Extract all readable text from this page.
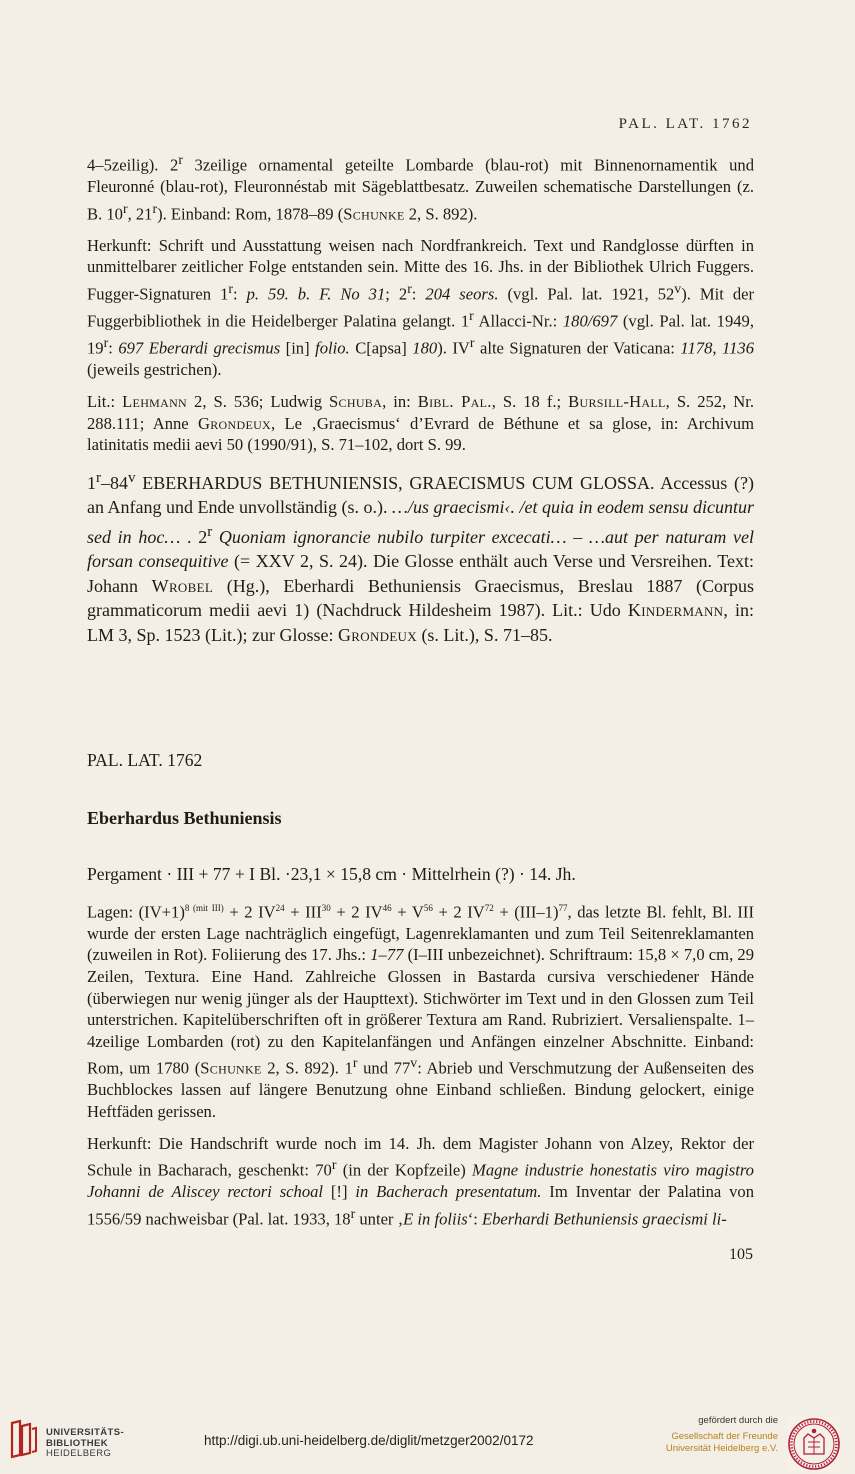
PAL. LAT. 1762

4–5zeilig). 2$^r$ 3zeilige ornamental geteilte Lombarde (blau-rot) mit Binnenornamentik und Fleuronné (blau-rot), Fleuronnéstab mit Sägeblattbesatz. Zuweilen schematische Darstellungen (z. B. 10$^r$, 21$^r$). Einband: Rom, 1878–89 (Schunke 2, S. 892).

Herkunft: Schrift und Ausstattung weisen nach Nordfrankreich. Text und Randglosse dürften in unmittelbarer zeitlicher Folge entstanden sein. Mitte des 16. Jhs. in der Bibliothek Ulrich Fuggers. Fugger-Signaturen 1$^r$: p. 59. b. F. No 31; 2$^r$: 204 seors. (vgl. Pal. lat. 1921, 52$^v$). Mit der Fuggerbibliothek in die Heidelberger Palatina gelangt. 1$^r$ Allacci-Nr.: 180/697 (vgl. Pal. lat. 1949, 19$^r$: 697 Eberardi grecismus [in] folio. C[apsa] 180). $IV^r$ alte Signaturen der Vaticana: 1178, 1136 (jeweils gestrichen).

Lit.: Lehmann 2, S. 536; Ludwig Schuba, in: Bibl. Pal., S. 18 f.; Bursill-Hall, S. 252, Nr. 288.111; Anne Grondeux, Le ‚Graecismus‘ d’Evrard de Béthune et sa glose, in: Archivum latinitatis medii aevi 50 (1990/91), S. 71–102, dort S. 99.

1$^r$–84$^v$ EBERHARDUS BETHUNIENSIS, GRAECISMUS CUM GLOSSA. Accessus (?) an Anfang und Ende unvollständig (s. o.). …/us graecismi‹. /et quia in eodem sensu dicuntur sed in hoc… . 2$^r$ Quoniam ignorancie nubilo turpiter excecati… – …aut per naturam vel forsan consequitive (= XXV 2, S. 24). Die Glosse enthält auch Verse und Versreihen. Text: Johann Wrobel (Hg.), Eberhardi Bethuniensis Graecismus, Breslau 1887 (Corpus grammaticorum medii aevi 1) (Nachdruck Hildesheim 1987). Lit.: Udo Kindermann, in: LM 3, Sp. 1523 (Lit.); zur Glosse: Grondeux (s. Lit.), S. 71–85.

PAL. LAT. 1762
Eberhardus Bethuniensis

Pergament · III + 77 + I Bl. ·23,1 × 15,8 cm · Mittelrhein (?) · 14. Jh.

Lagen: $(IV+1)^{8 (mit III)} + 2$ $IV^{24} + III^{30} + 2$ $IV^{46} + V^{56} + 2$ $IV^{72} + (III-1)^{77}$, das letzte Bl. fehlt, Bl. III wurde der ersten Lage nachträglich eingefügt, Lagenreklamanten und zum Teil Seitenreklamanten (zuweilen in Rot). Foliierung des 17. Jhs.: 1–77 (I–III unbezeichnet). Schriftraum: 15,8 × 7,0 cm, 29 Zeilen, Textura. Eine Hand. Zahlreiche Glossen in Bastarda cursiva verschiedener Hände (überwiegen nur wenig jünger als der Haupttext). Stichwörter im Text und in den Glossen zum Teil unterstrichen. Kapitelüberschriften oft in größerer Textura am Rand. Rubriziert. Versalienspalte. 1–4zeilige Lombarden (rot) zu den Kapitelanfängen und Anfängen einzelner Abschnitte. Einband: Rom, um 1780 (Schunke 2, S. 892). 1$^r$ und 77$^v$: Abrieb und Verschmutzung der Außenseiten des Buchblockes lassen auf längere Benutzung ohne Einband schließen. Bindung gelockert, einige Heftfäden gerissen.

Herkunft: Die Handschrift wurde noch im 14. Jh. dem Magister Johann von Alzey, Rektor der Schule in Bacharach, geschenkt: 70$^r$ (in der Kopfzeile) Magne industrie honestatis viro magistro Johanni de Aliscey rectori schoal [!] in Bacherach presentatum. Im Inventar der Palatina von 1556/59 nachweisbar (Pal. lat. 1933, 18$^r$ unter ‚E in foliis‘: Eberhardi Bethuniensis graecismi li-

105
UNIVERSITÄTS-
BIBLIOTHEK
HEIDELBERG
http://digi.ub.uni-heidelberg.de/diglit/metzger2002/0172
gefördert durch die
Gesellschaft der Freunde
Universität Heidelberg e.V.
